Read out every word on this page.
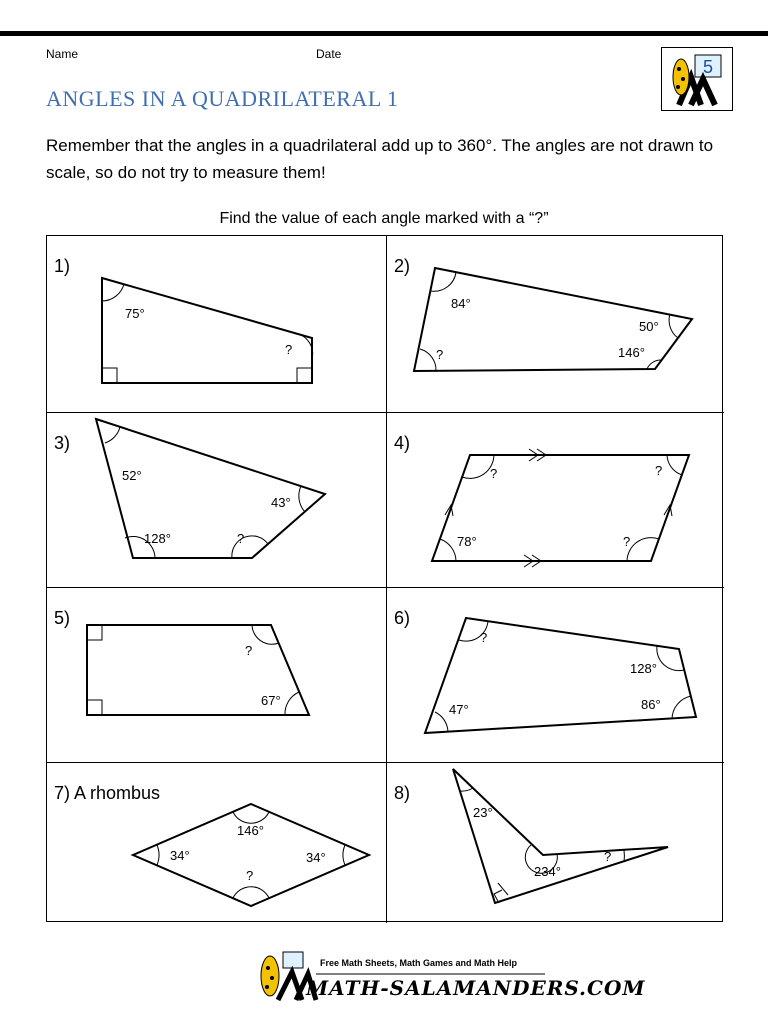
Name	Date
ANGLES IN A QUADRILATERAL 1
5
Remember that the angles in a quadrilateral add up to 360°. The angles are not drawn to scale, so do not try to measure them!
Find the value of each angle marked with a “?”
1)
75°
?
2)
84°
50°
146°
?
3)
52°
43°
128°	?
4)
?	?
78°	?
5)
?
67°
6)
?
128°
86°
47°
7) A rhombus
146°
34°	34°
?
8)
23°
234°
?
Free Math Sheets, Math Games and Math Help
MATH-SALAMANDERS.COM
